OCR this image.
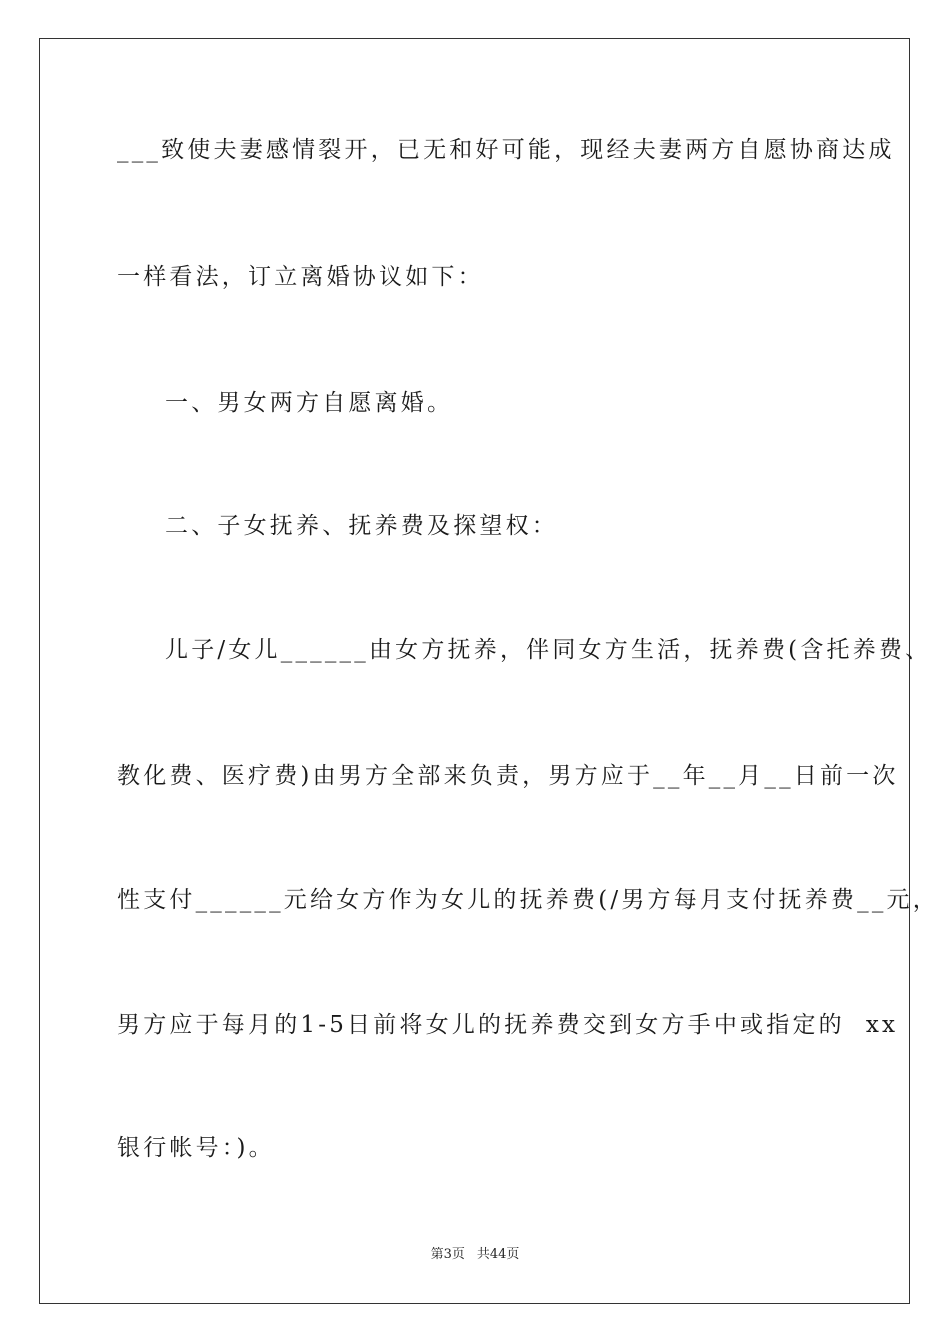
___致使夫妻感情裂开，已无和好可能，现经夫妻两方自愿协商达成
一样看法，订立离婚协议如下：
一、男女两方自愿离婚。
二、子女抚养、抚养费及探望权：
儿子/女儿______由女方抚养，伴同女方生活，抚养费(含托养费、
教化费、医疗费)由男方全部来负责，男方应于__年__月__日前一次
性支付______元给女方作为女儿的抚养费(/男方每月支付抚养费__元，
男方应于每月的1-5日前将女儿的抚养费交到女方手中或指定的  xx
银行帐号：)。
第3页 共44页
